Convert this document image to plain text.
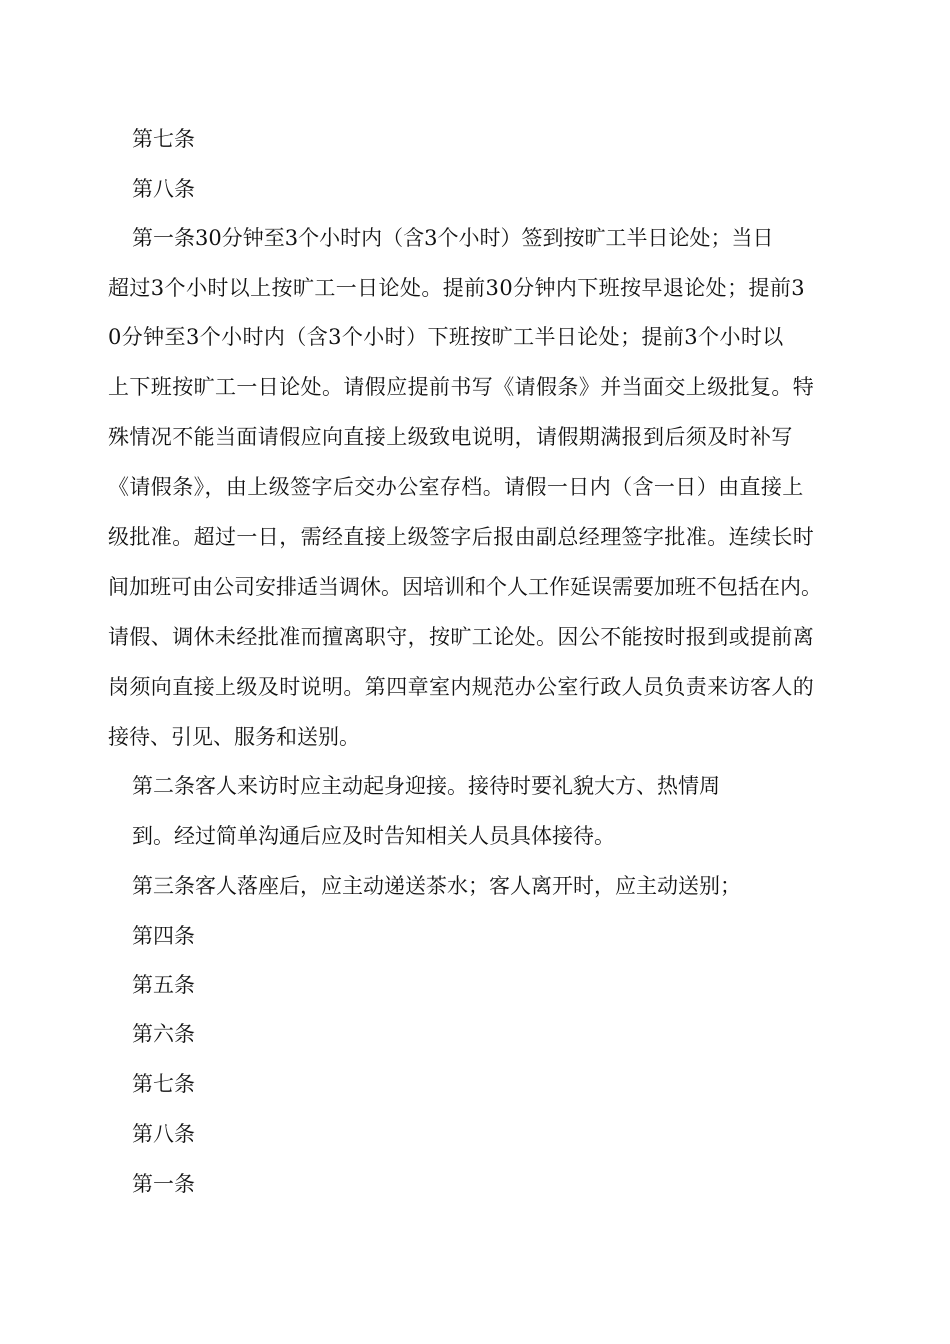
第七条

第八条

第一条30分钟至3个小时内（含3个小时）签到按旷工半日论处；当日

超过3个小时以上按旷工一日论处。提前30分钟内下班按早退论处；提前3

0分钟至3个小时内（含3个小时）下班按旷工半日论处；提前3个小时以

上下班按旷工一日论处。请假应提前书写《请假条》并当面交上级批复。特

殊情况不能当面请假应向直接上级致电说明，请假期满报到后须及时补写

《请假条》，由上级签字后交办公室存档。请假一日内（含一日）由直接上

级批准。超过一日，需经直接上级签字后报由副总经理签字批准。连续长时

间加班可由公司安排适当调休。因培训和个人工作延误需要加班不包括在内。

请假、调休未经批准而擅离职守，按旷工论处。因公不能按时报到或提前离

岗须向直接上级及时说明。第四章室内规范办公室行政人员负责来访客人的

接待、引见、服务和送别。

第二条客人来访时应主动起身迎接。接待时要礼貌大方、热情周

到。经过简单沟通后应及时告知相关人员具体接待。

第三条客人落座后，应主动递送茶水；客人离开时，应主动送别；

第四条

第五条

第六条

第七条

第八条

第一条
